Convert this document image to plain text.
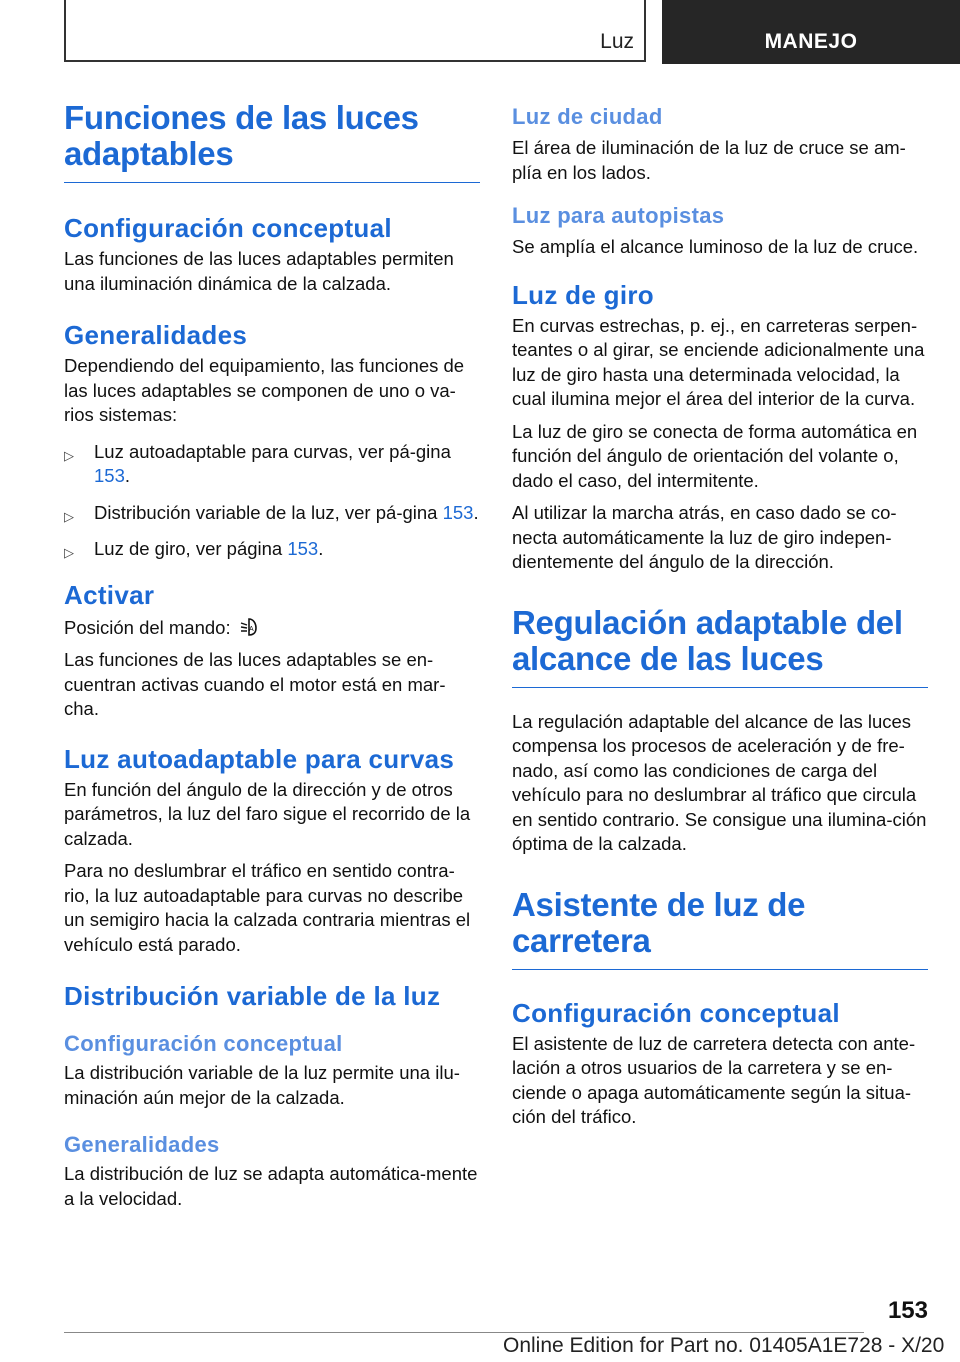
Luz	MANEJO
Funciones de las luces adaptables
Configuración conceptual

Las funciones de las luces adaptables permiten una iluminación dinámica de la calzada.

Generalidades

Dependiendo del equipamiento, las funciones de las luces adaptables se componen de uno o va-rios sistemas:

▷ Luz autoadaptable para curvas, ver pá-gina 153.
▷ Distribución variable de la luz, ver pá-gina 153.
▷ Luz de giro, ver página 153.
Activar

Posición del mando:	A

Las funciones de las luces adaptables se en-cuentran activas cuando el motor está en mar-cha.

Luz autoadaptable para curvas

En función del ángulo de la dirección y de otros parámetros, la luz del faro sigue el recorrido de la calzada.

Para no deslumbrar el tráfico en sentido contra-rio, la luz autoadaptable para curvas no describe un semigiro hacia la calzada contraria mientras el vehículo está parado.

Distribución variable de la luz
Configuración conceptual

La distribución variable de la luz permite una ilu-minación aún mejor de la calzada.

Generalidades

La distribución de luz se adapta automática-mente a la velocidad.

Luz de ciudad

El área de iluminación de la luz de cruce se am-plía en los lados.

Luz para autopistas

Se amplía el alcance luminoso de la luz de cruce.

Luz de giro

En curvas estrechas, p. ej., en carreteras serpen-teantes o al girar, se enciende adicionalmente una luz de giro hasta una determinada velocidad, la cual ilumina mejor el área del interior de la curva.

La luz de giro se conecta de forma automática en función del ángulo de orientación del volante o, dado el caso, del intermitente.

Al utilizar la marcha atrás, en caso dado se co-necta automáticamente la luz de giro indepen-dientemente del ángulo de la dirección.

Regulación adaptable del alcance de las luces

La regulación adaptable del alcance de las luces compensa los procesos de aceleración y de fre-nado, así como las condiciones de carga del vehículo para no deslumbrar al tráfico que circula en sentido contrario. Se consigue una ilumina-ción óptima de la calzada.

Asistente de luz de carretera
Configuración conceptual

El asistente de luz de carretera detecta con ante-lación a otros usuarios de la carretera y se en-ciende o apaga automáticamente según la situa-ción del tráfico.

153
Online Edition for Part no. 01405A1E728 - X/20
